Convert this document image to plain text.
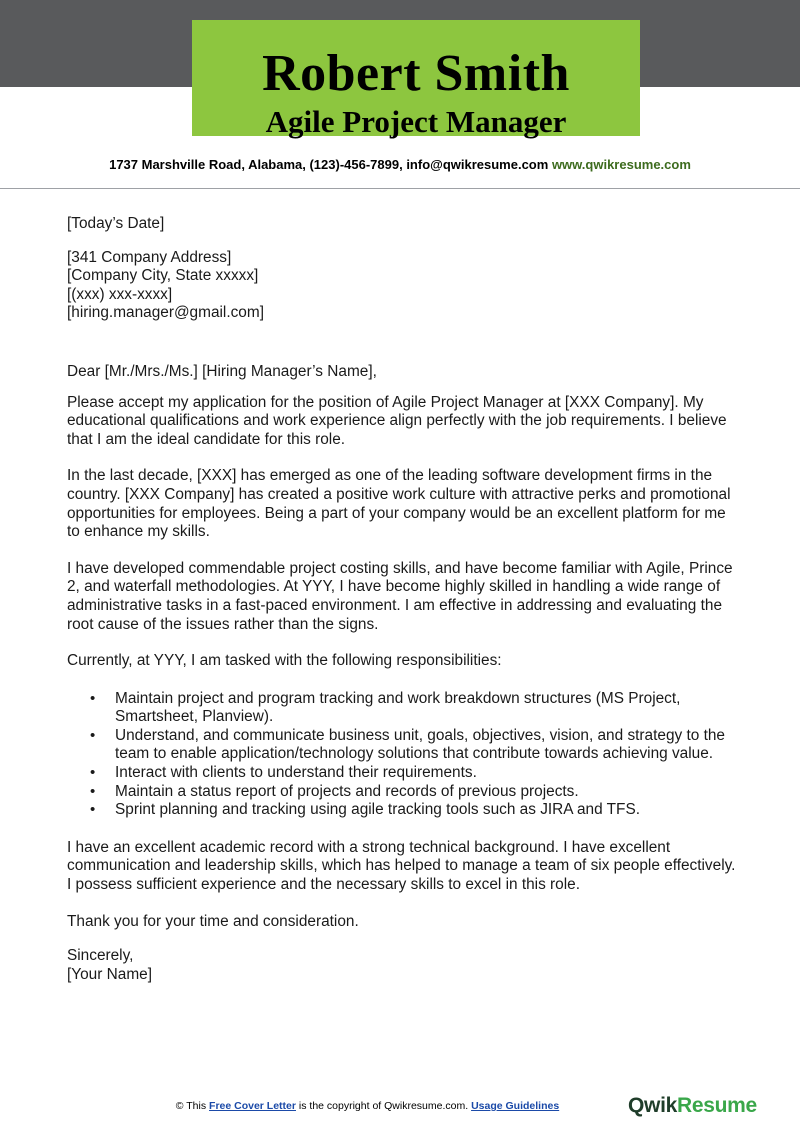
Robert Smith
Agile Project Manager
1737 Marshville Road, Alabama, (123)-456-7899, info@qwikresume.com www.qwikresume.com

[Today’s Date]

[341 Company Address]

[Company City, State xxxxx]

[(xxx) xxx-xxxx]

[hiring.manager@gmail.com]

Dear [Mr./Mrs./Ms.] [Hiring Manager’s Name],

Please accept my application for the position of Agile Project Manager at [XXX Company]. My educational qualifications and work experience align perfectly with the job requirements. I believe that I am the ideal candidate for this role.

In the last decade, [XXX] has emerged as one of the leading software development firms in the country. [XXX Company] has created a positive work culture with attractive perks and promotional opportunities for employees. Being a part of your company would be an excellent platform for me to enhance my skills.

I have developed commendable project costing skills, and have become familiar with Agile, Prince 2, and waterfall methodologies. At YYY, I have become highly skilled in handling a wide range of administrative tasks in a fast-paced environment. I am effective in addressing and evaluating the root cause of the issues rather than the signs.

Currently, at YYY, I am tasked with the following responsibilities:

• Maintain project and program tracking and work breakdown structures (MS Project, Smartsheet, Planview).
• Understand, and communicate business unit, goals, objectives, vision, and strategy to the team to enable application/technology solutions that contribute towards achieving value.
• Interact with clients to understand their requirements.
• Maintain a status report of projects and records of previous projects.
• Sprint planning and tracking using agile tracking tools such as JIRA and TFS.

I have an excellent academic record with a strong technical background. I have excellent communication and leadership skills, which has helped to manage a team of six people effectively. I possess sufficient experience and the necessary skills to excel in this role.

Thank you for your time and consideration.

Sincerely,

[Your Name]

© This Free Cover Letter is the copyright of Qwikresume.com. Usage Guidelines	QwikResume
